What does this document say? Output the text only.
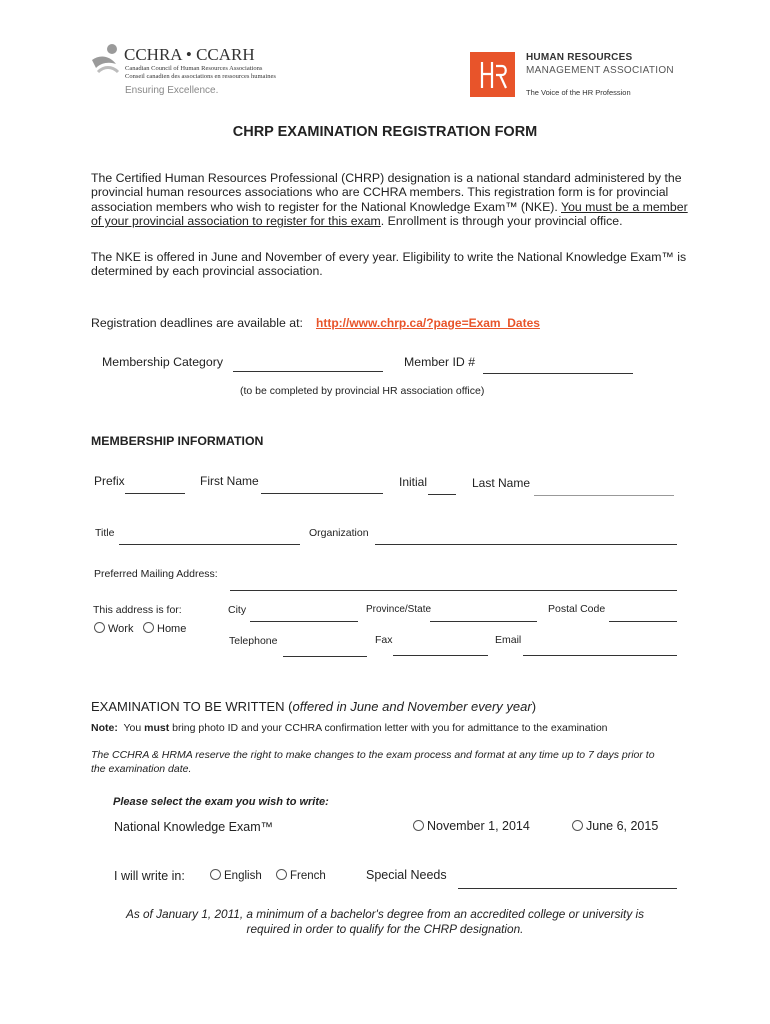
CCHRA • CCARH
Canadian Council of Human Resources Associations
Conseil canadien des associations en ressources humaines
Ensuring Excellence.
HUMAN RESOURCES
MANAGEMENT ASSOCIATION
The Voice of the HR Profession
CHRP EXAMINATION REGISTRATION FORM
The Certified Human Resources Professional (CHRP) designation is a national standard administered by the provincial human resources associations who are CCHRA members. This registration form is for provincial association members who wish to register for the National Knowledge Exam™ (NKE). You must be a member of your provincial association to register for this exam. Enrollment is through your provincial office.
The NKE is offered in June and November of every year. Eligibility to write the National Knowledge Exam™ is determined by each provincial association.
Registration deadlines are available at: http://www.chrp.ca/?page=Exam_Dates
Membership Category	Member ID #
(to be completed by provincial HR association office)
MEMBERSHIP INFORMATION
Prefix	First Name	Initial	Last Name
Title	Organization
Preferred Mailing Address:
This address is for:
Work	Home
City	Province/State	Postal Code
Telephone	Fax	Email
EXAMINATION TO BE WRITTEN (offered in June and November every year)
Note:  You must bring photo ID and your CCHRA confirmation letter with you for admittance to the examination
The CCHRA & HRMA reserve the right to make changes to the exam process and format at any time up to 7 days prior to the examination date.
Please select the exam you wish to write:
National Knowledge Exam™	November 1, 2014	June 6, 2015
I will write in:	English	French	Special Needs
As of January 1, 2011, a minimum of a bachelor's degree from an accredited college or university is required in order to qualify for the CHRP designation.
